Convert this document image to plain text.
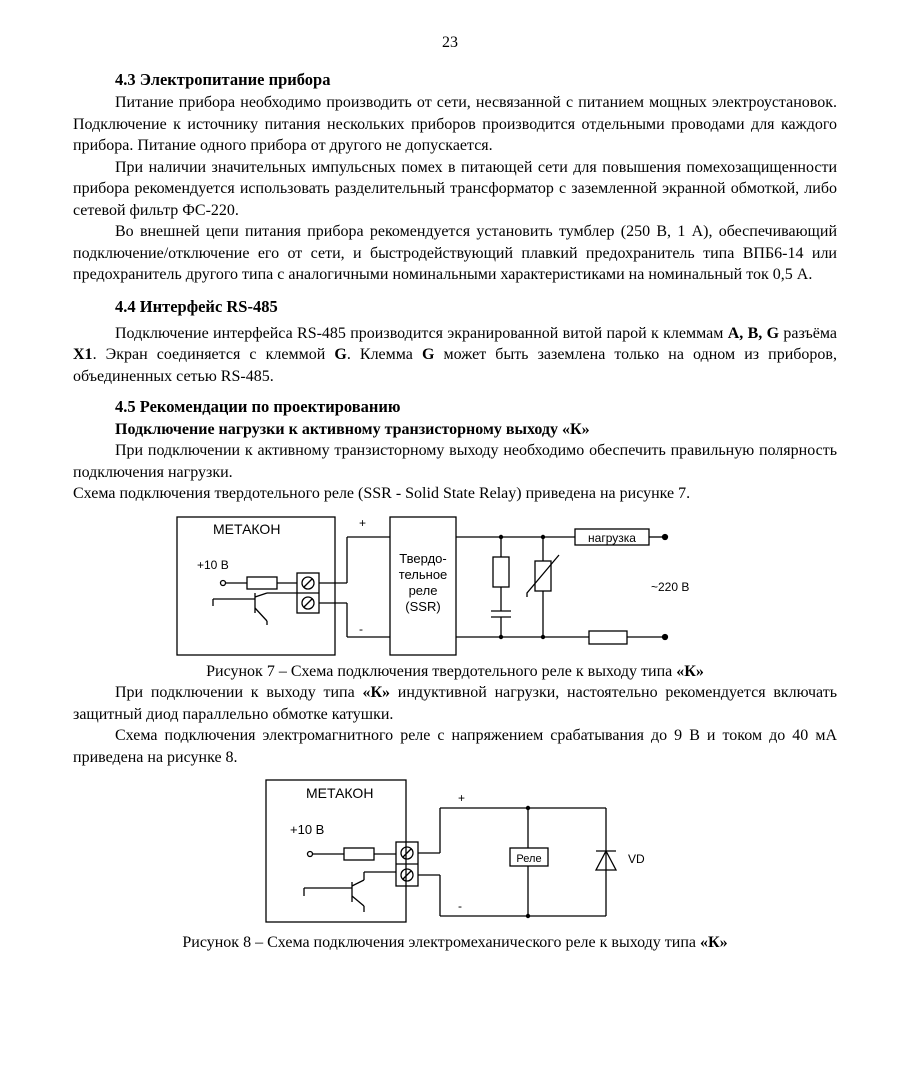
23
4.3 Электропитание прибора

Питание прибора необходимо производить от сети, несвязанной с питанием мощных электроустановок. Подключение к источнику питания нескольких приборов производится отдельными проводами для каждого прибора. Питание одного прибора от другого не допускается.

При наличии значительных импульсных помех в питающей сети для повышения помехозащищенности прибора рекомендуется использовать разделительный трансформатор с заземленной экранной обмоткой, либо сетевой фильтр ФС-220.

Во внешней цепи питания прибора рекомендуется установить тумблер (250 В, 1 А), обеспечивающий подключение/отключение его от сети, и быстродействующий плавкий предохранитель типа ВПБ6-14 или предохранитель другого типа с аналогичными номинальными характеристиками на номинальный ток 0,5 А.

4.4 Интерфейс RS-485

Подключение интерфейса RS-485 производится экранированной витой парой к клеммам A, B, G разъёма X1. Экран соединяется с клеммой G. Клемма G может быть заземлена только на одном из приборов, объединенных сетью RS-485.

4.5 Рекомендации по проектированию
Подключение нагрузки к активному транзисторному выходу «К»

При подключении к активному транзисторному выходу необходимо обеспечить правильную полярность подключения нагрузки.

Схема подключения твердотельного реле (SSR - Solid State Relay) приведена на рисунке 7.

МЕТАКОН
+10 В
+
-
Твердо-
тельное
реле
(SSR)
нагрузка
~220 В
Рисунок 7 – Схема подключения твердотельного реле к выходу типа «К»

При подключении к выходу типа «К» индуктивной нагрузки, настоятельно рекомендуется включать защитный диод параллельно обмотке катушки.

Схема подключения электромагнитного реле с напряжением срабатывания до 9 В и током до 40 мА приведена на рисунке 8.

МЕТАКОН
+10 В
+
-
Реле	VD
Рисунок 8 – Схема подключения электромеханического реле к выходу типа «К»
